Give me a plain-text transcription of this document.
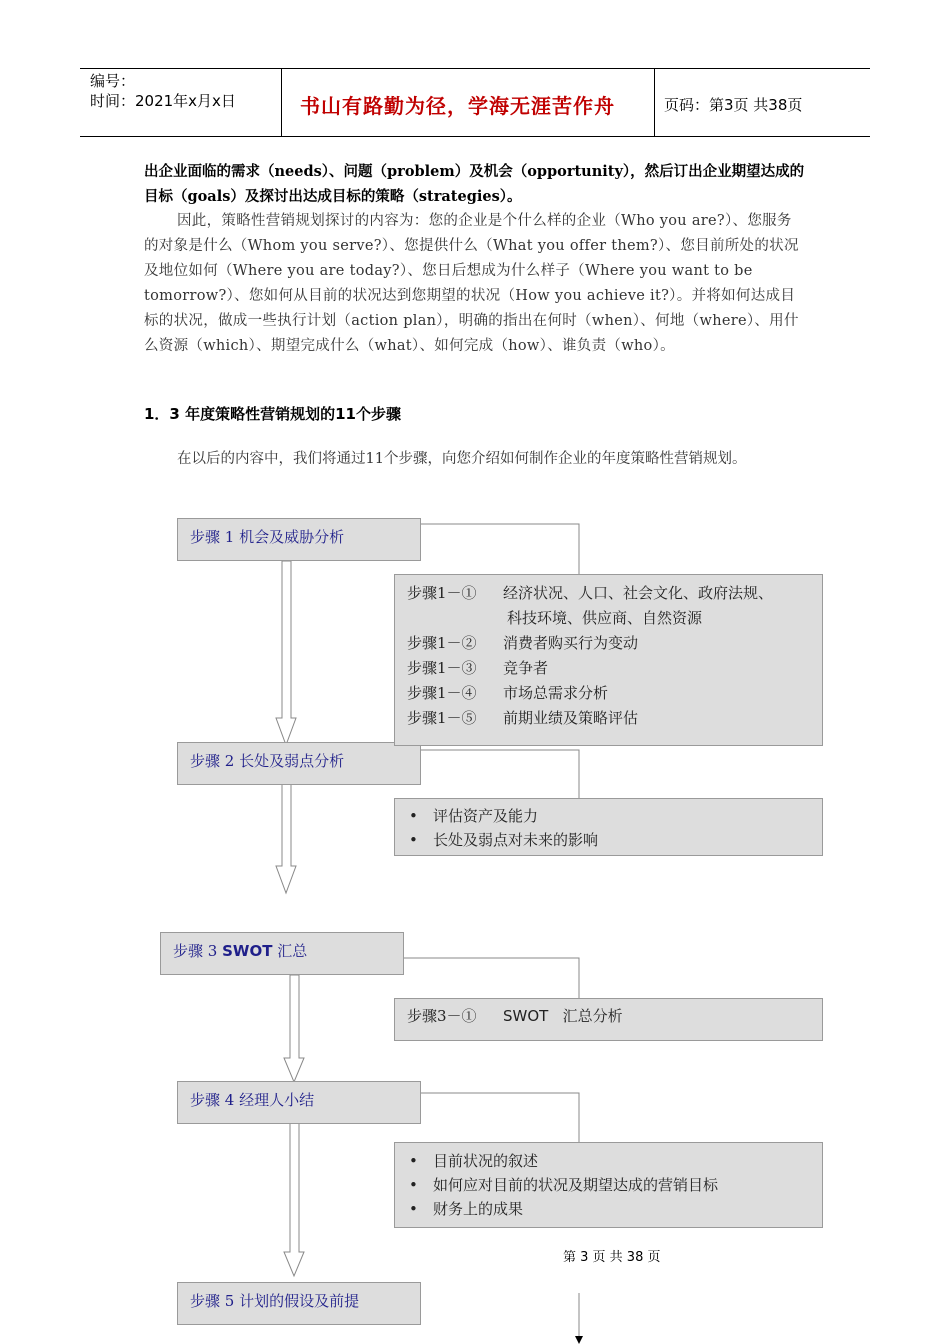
编号：
时间：2021年x月x日	书山有路勤为径，学海无涯苦作舟	页码：第3页 共38页
出企业面临的需求（needs）、问题（problem）及机会（opportunity），然后订出企业期望达成的目标（goals）及探讨出达成目标的策略（strategies）。
因此，策略性营销规划探讨的内容为：您的企业是个什么样的企业（Who you are?）、您服务的对象是什么（Whom you serve?）、您提供什么（What you offer them?）、您目前所处的状况及地位如何（Where you are today?）、您日后想成为什么样子（Where you want to be tomorrow?）、您如何从目前的状况达到您期望的状况（How you achieve it?）。并将如何达成目标的状况，做成一些执行计划（action plan），明确的指出在何时（when）、何地（where）、用什么资源（which）、期望完成什么（what）、如何完成（how）、谁负责（who）。
1．3 年度策略性营销规划的11个步骤
在以后的内容中，我们将通过11个步骤，向您介绍如何制作企业的年度策略性营销规划。
步骤 1 机会及威胁分析
步骤 2 长处及弱点分析
步骤 3 SWOT 汇总
步骤 4 经理人小结
步骤 5 计划的假设及前提
步骤1－① 经济状况、人口、社会文化、政府法规、
科技环境、供应商、自然资源
步骤1－② 消费者购买行为变动
步骤1－③ 竞争者
步骤1－④ 市场总需求分析
步骤1－⑤ 前期业绩及策略评估
• 评估资产及能力
• 长处及弱点对未来的影响
步骤3－① SWOT 汇总分析
• 目前状况的叙述
• 如何应对目前的状况及期望达成的营销目标
• 财务上的成果
第 3 页 共 38 页
